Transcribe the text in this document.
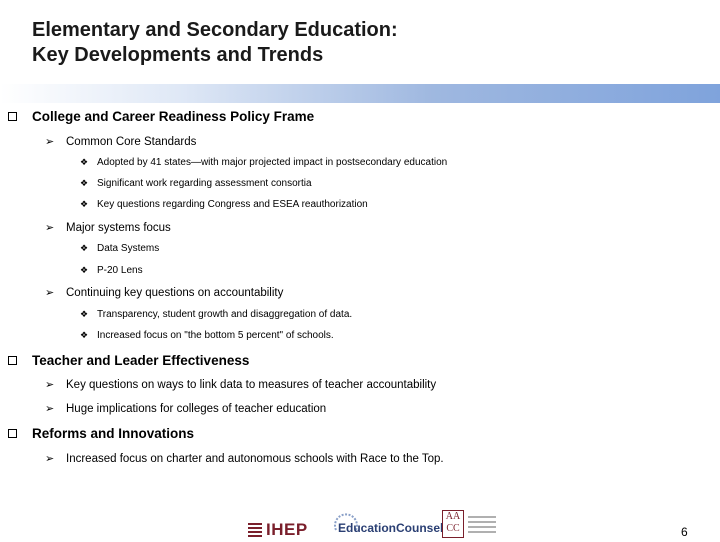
Elementary and Secondary Education:
Key Developments and Trends
College and Career Readiness Policy Frame
➢ Common Core Standards
❖ Adopted by 41 states—with major projected impact in postsecondary education
❖ Significant work regarding assessment consortia
❖ Key questions regarding Congress and ESEA reauthorization
➢ Major systems focus
❖ Data Systems
❖ P-20 Lens
➢ Continuing key questions on accountability
❖ Transparency, student growth and disaggregation of data.
❖ Increased focus on "the bottom 5 percent" of schools.
Teacher and Leader Effectiveness
➢ Key questions on ways to link data to measures of teacher accountability
➢ Huge implications for colleges of teacher education
Reforms and Innovations
➢ Increased focus on charter and autonomous schools with Race to the Top.
IHEP	EducationCounsel
AA
CC	6
